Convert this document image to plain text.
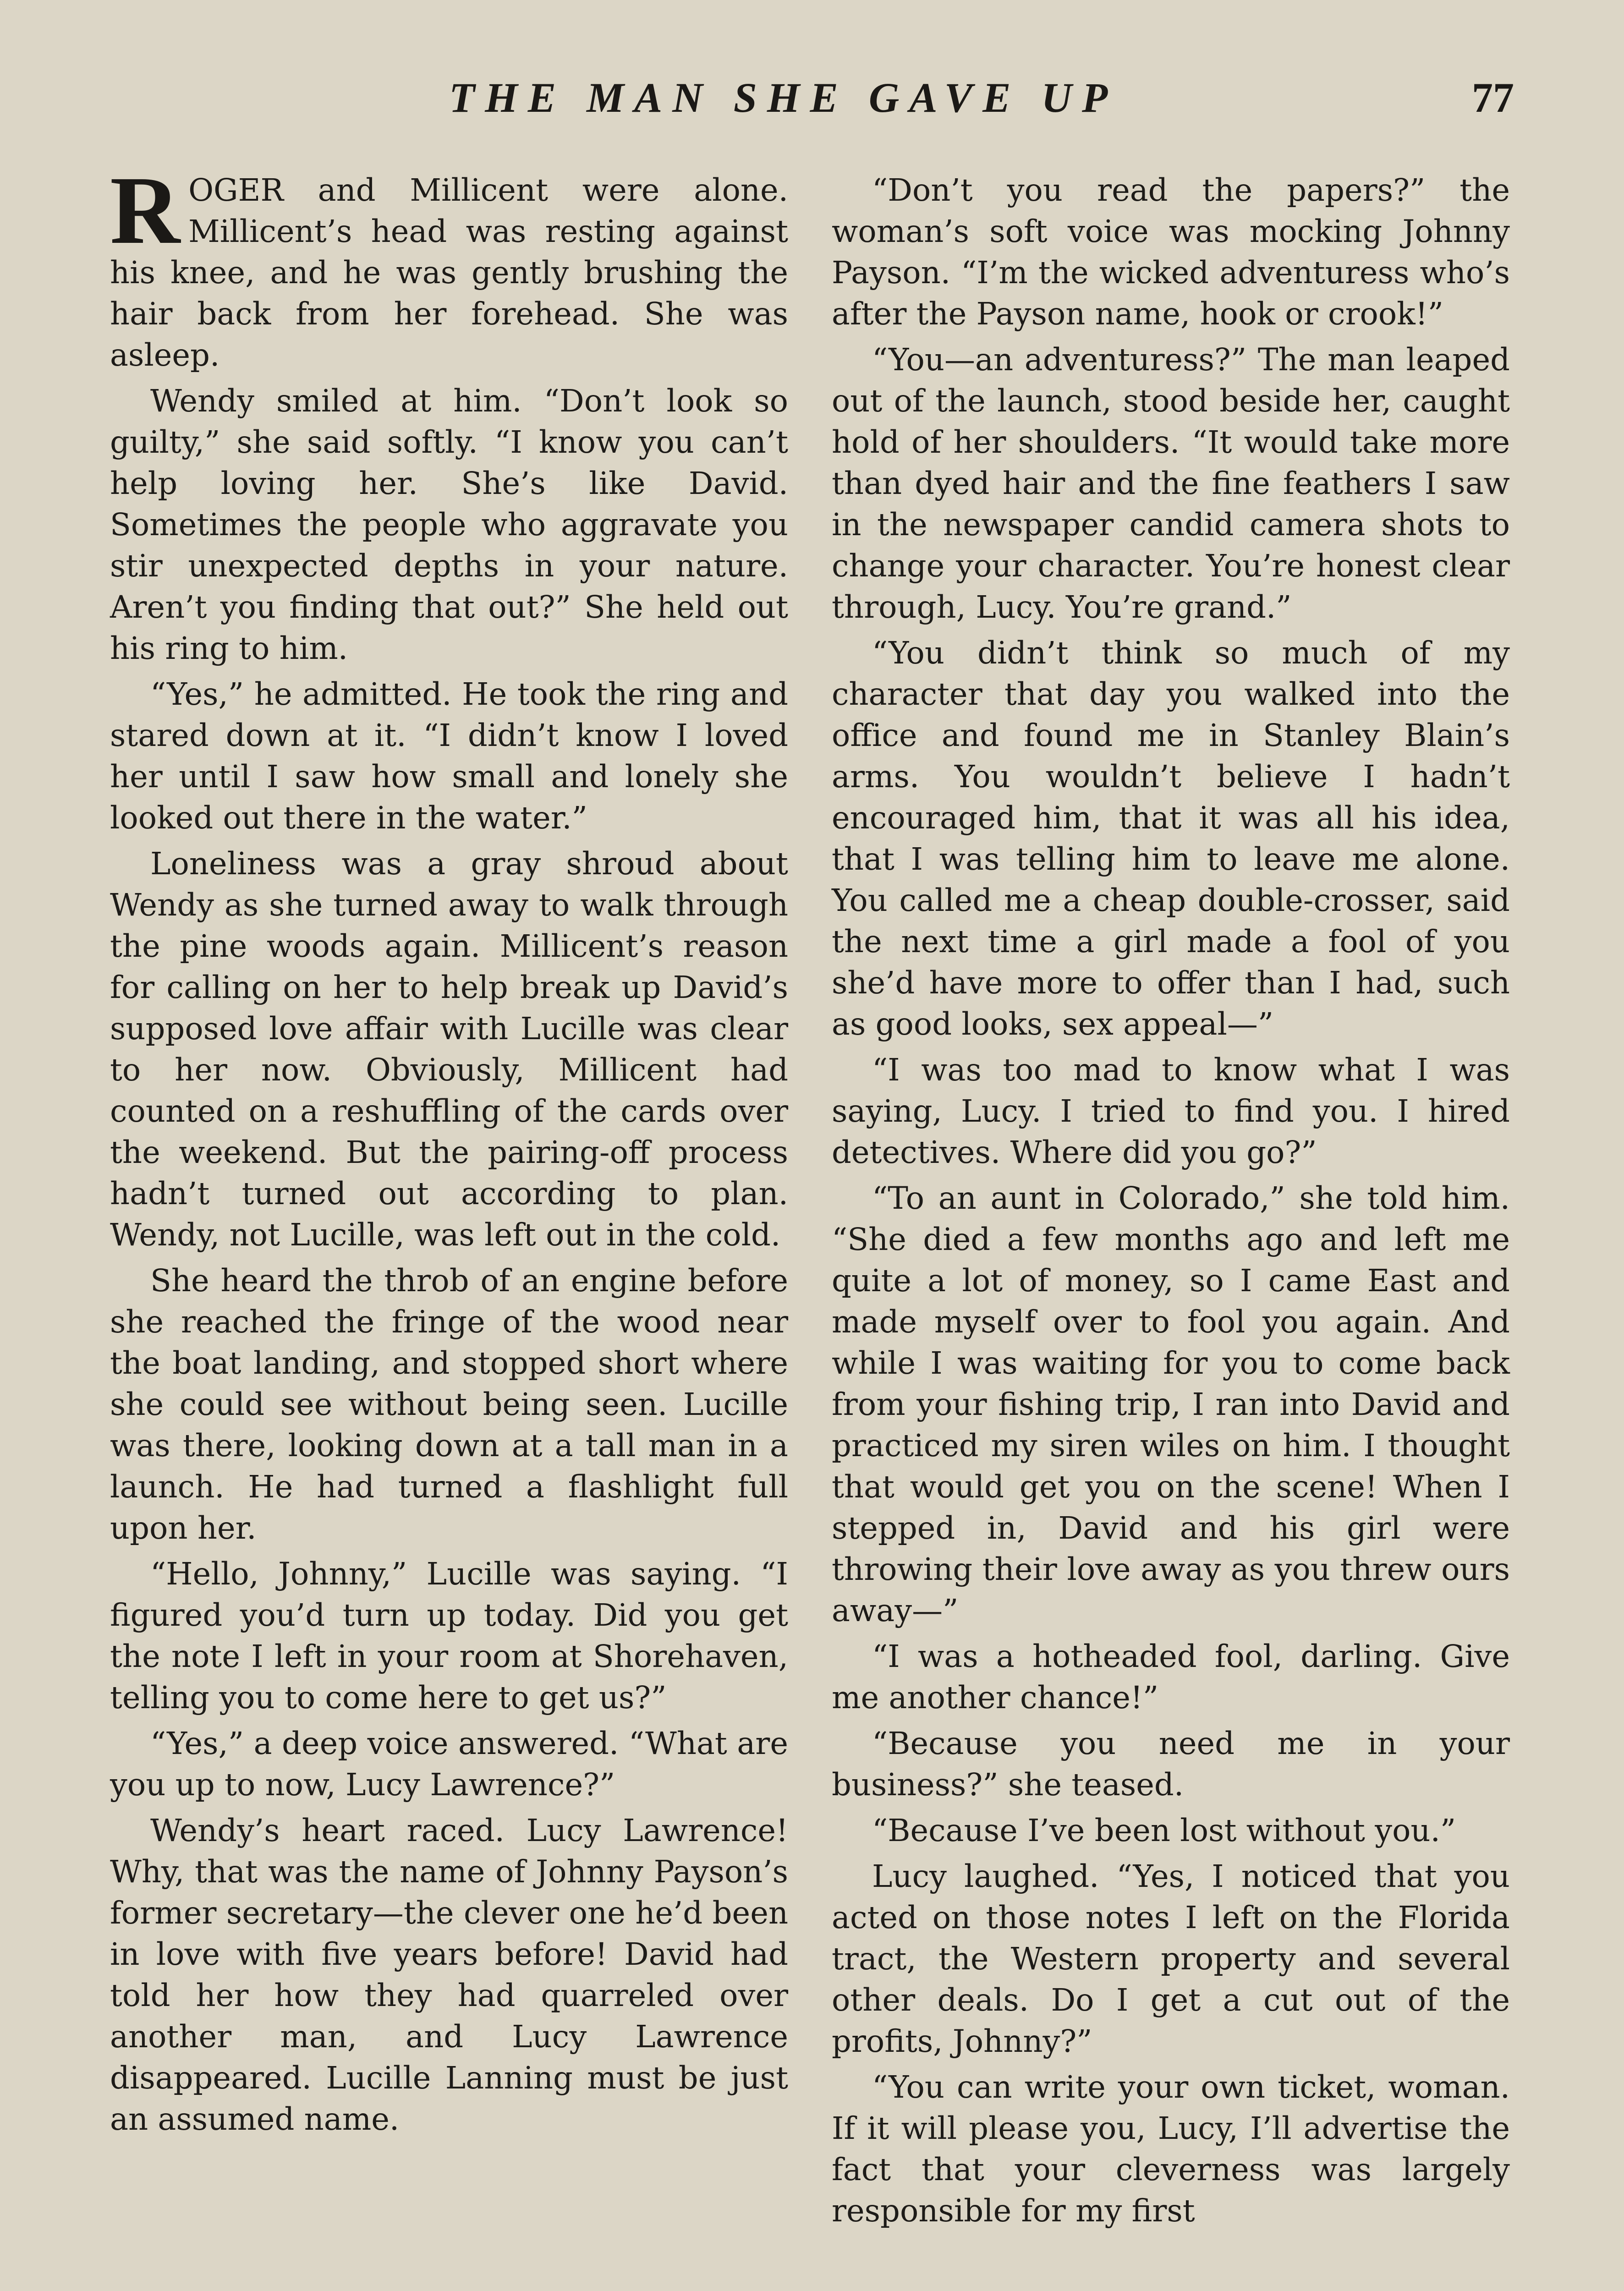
THE MAN SHE GAVE UP	77

ROGER and Millicent were alone. Millicent’s head was resting against his knee, and he was gently brushing the hair back from her forehead. She was asleep.

Wendy smiled at him. “Don’t look so guilty,” she said softly. “I know you can’t help loving her. She’s like David. Sometimes the people who aggravate you stir unexpected depths in your nature. Aren’t you finding that out?” She held out his ring to him.

“Yes,” he admitted. He took the ring and stared down at it. “I didn’t know I loved her until I saw how small and lonely she looked out there in the water.”

Loneliness was a gray shroud about Wendy as she turned away to walk through the pine woods again. Millicent’s reason for calling on her to help break up David’s supposed love affair with Lucille was clear to her now. Obviously, Millicent had counted on a reshuffling of the cards over the weekend. But the pairing-off process hadn’t turned out according to plan. Wendy, not Lucille, was left out in the cold.

She heard the throb of an engine before she reached the fringe of the wood near the boat landing, and stopped short where she could see without being seen. Lucille was there, looking down at a tall man in a launch. He had turned a flashlight full upon her.

“Hello, Johnny,” Lucille was saying. “I figured you’d turn up today. Did you get the note I left in your room at Shorehaven, telling you to come here to get us?”

“Yes,” a deep voice answered. “What are you up to now, Lucy Lawrence?”

Wendy’s heart raced. Lucy Lawrence! Why, that was the name of Johnny Payson’s former secretary—the clever one he’d been in love with five years before! David had told her how they had quarreled over another man, and Lucy Lawrence disappeared. Lucille Lanning must be just an assumed name.

“Don’t you read the papers?” the woman’s soft voice was mocking Johnny Payson. “I’m the wicked adventuress who’s after the Payson name, hook or crook!”

“You—an adventuress?” The man leaped out of the launch, stood beside her, caught hold of her shoulders. “It would take more than dyed hair and the fine feathers I saw in the newspaper candid camera shots to change your character. You’re honest clear through, Lucy. You’re grand.”

“You didn’t think so much of my character that day you walked into the office and found me in Stanley Blain’s arms. You wouldn’t believe I hadn’t encouraged him, that it was all his idea, that I was telling him to leave me alone. You called me a cheap double-crosser, said the next time a girl made a fool of you she’d have more to offer than I had, such as good looks, sex appeal—”

“I was too mad to know what I was saying, Lucy. I tried to find you. I hired detectives. Where did you go?”

“To an aunt in Colorado,” she told him. “She died a few months ago and left me quite a lot of money, so I came East and made myself over to fool you again. And while I was waiting for you to come back from your fishing trip, I ran into David and practiced my siren wiles on him. I thought that would get you on the scene! When I stepped in, David and his girl were throwing their love away as you threw ours away—”

“I was a hotheaded fool, darling. Give me another chance!”

“Because you need me in your business?” she teased.

“Because I’ve been lost without you.”

Lucy laughed. “Yes, I noticed that you acted on those notes I left on the Florida tract, the Western property and several other deals. Do I get a cut out of the profits, Johnny?”

“You can write your own ticket, woman. If it will please you, Lucy, I’ll advertise the fact that your cleverness was largely responsible for my first
